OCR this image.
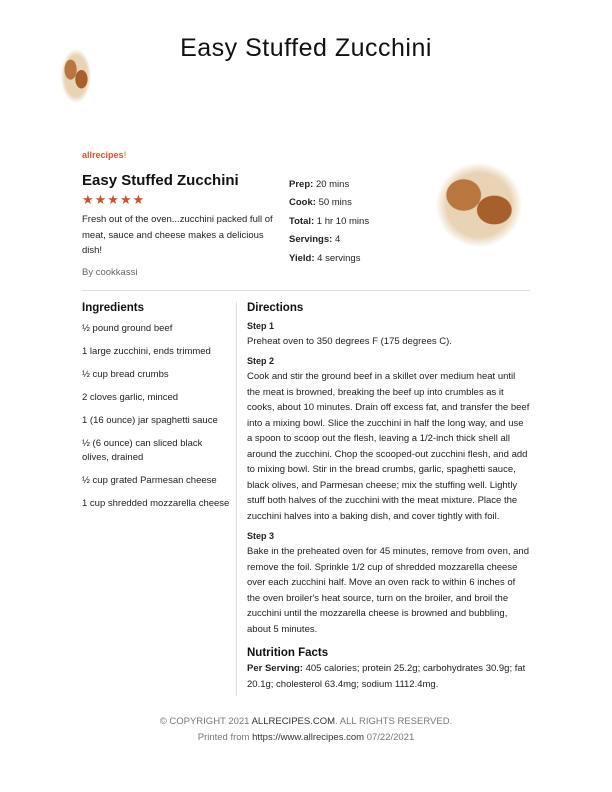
Easy Stuffed Zucchini
allrecipes!
Easy Stuffed Zucchini
★★★★★
Fresh out of the oven...zucchini packed full of meat, sauce and cheese makes a delicious dish!
By cookkassi
Prep: 20 mins
Cook: 50 mins
Total: 1 hr 10 mins
Servings: 4
Yield: 4 servings
Ingredients
½ pound ground beef
1 large zucchini, ends trimmed
½ cup bread crumbs
2 cloves garlic, minced
1 (16 ounce) jar spaghetti sauce
½ (6 ounce) can sliced black olives, drained
½ cup grated Parmesan cheese
1 cup shredded mozzarella cheese
Directions
Step 1
Preheat oven to 350 degrees F (175 degrees C).
Step 2
Cook and stir the ground beef in a skillet over medium heat until the meat is browned, breaking the beef up into crumbles as it cooks, about 10 minutes. Drain off excess fat, and transfer the beef into a mixing bowl. Slice the zucchini in half the long way, and use a spoon to scoop out the flesh, leaving a 1/2-inch thick shell all around the zucchini. Chop the scooped-out zucchini flesh, and add to mixing bowl. Stir in the bread crumbs, garlic, spaghetti sauce, black olives, and Parmesan cheese; mix the stuffing well. Lightly stuff both halves of the zucchini with the meat mixture. Place the zucchini halves into a baking dish, and cover tightly with foil.
Step 3
Bake in the preheated oven for 45 minutes, remove from oven, and remove the foil. Sprinkle 1/2 cup of shredded mozzarella cheese over each zucchini half. Move an oven rack to within 6 inches of the oven broiler's heat source, turn on the broiler, and broil the zucchini until the mozzarella cheese is browned and bubbling, about 5 minutes.
Nutrition Facts
Per Serving: 405 calories; protein 25.2g; carbohydrates 30.9g; fat 20.1g; cholesterol 63.4mg; sodium 1112.4mg.
© COPYRIGHT 2021 ALLRECIPES.COM. ALL RIGHTS RESERVED.
Printed from https://www.allrecipes.com 07/22/2021
